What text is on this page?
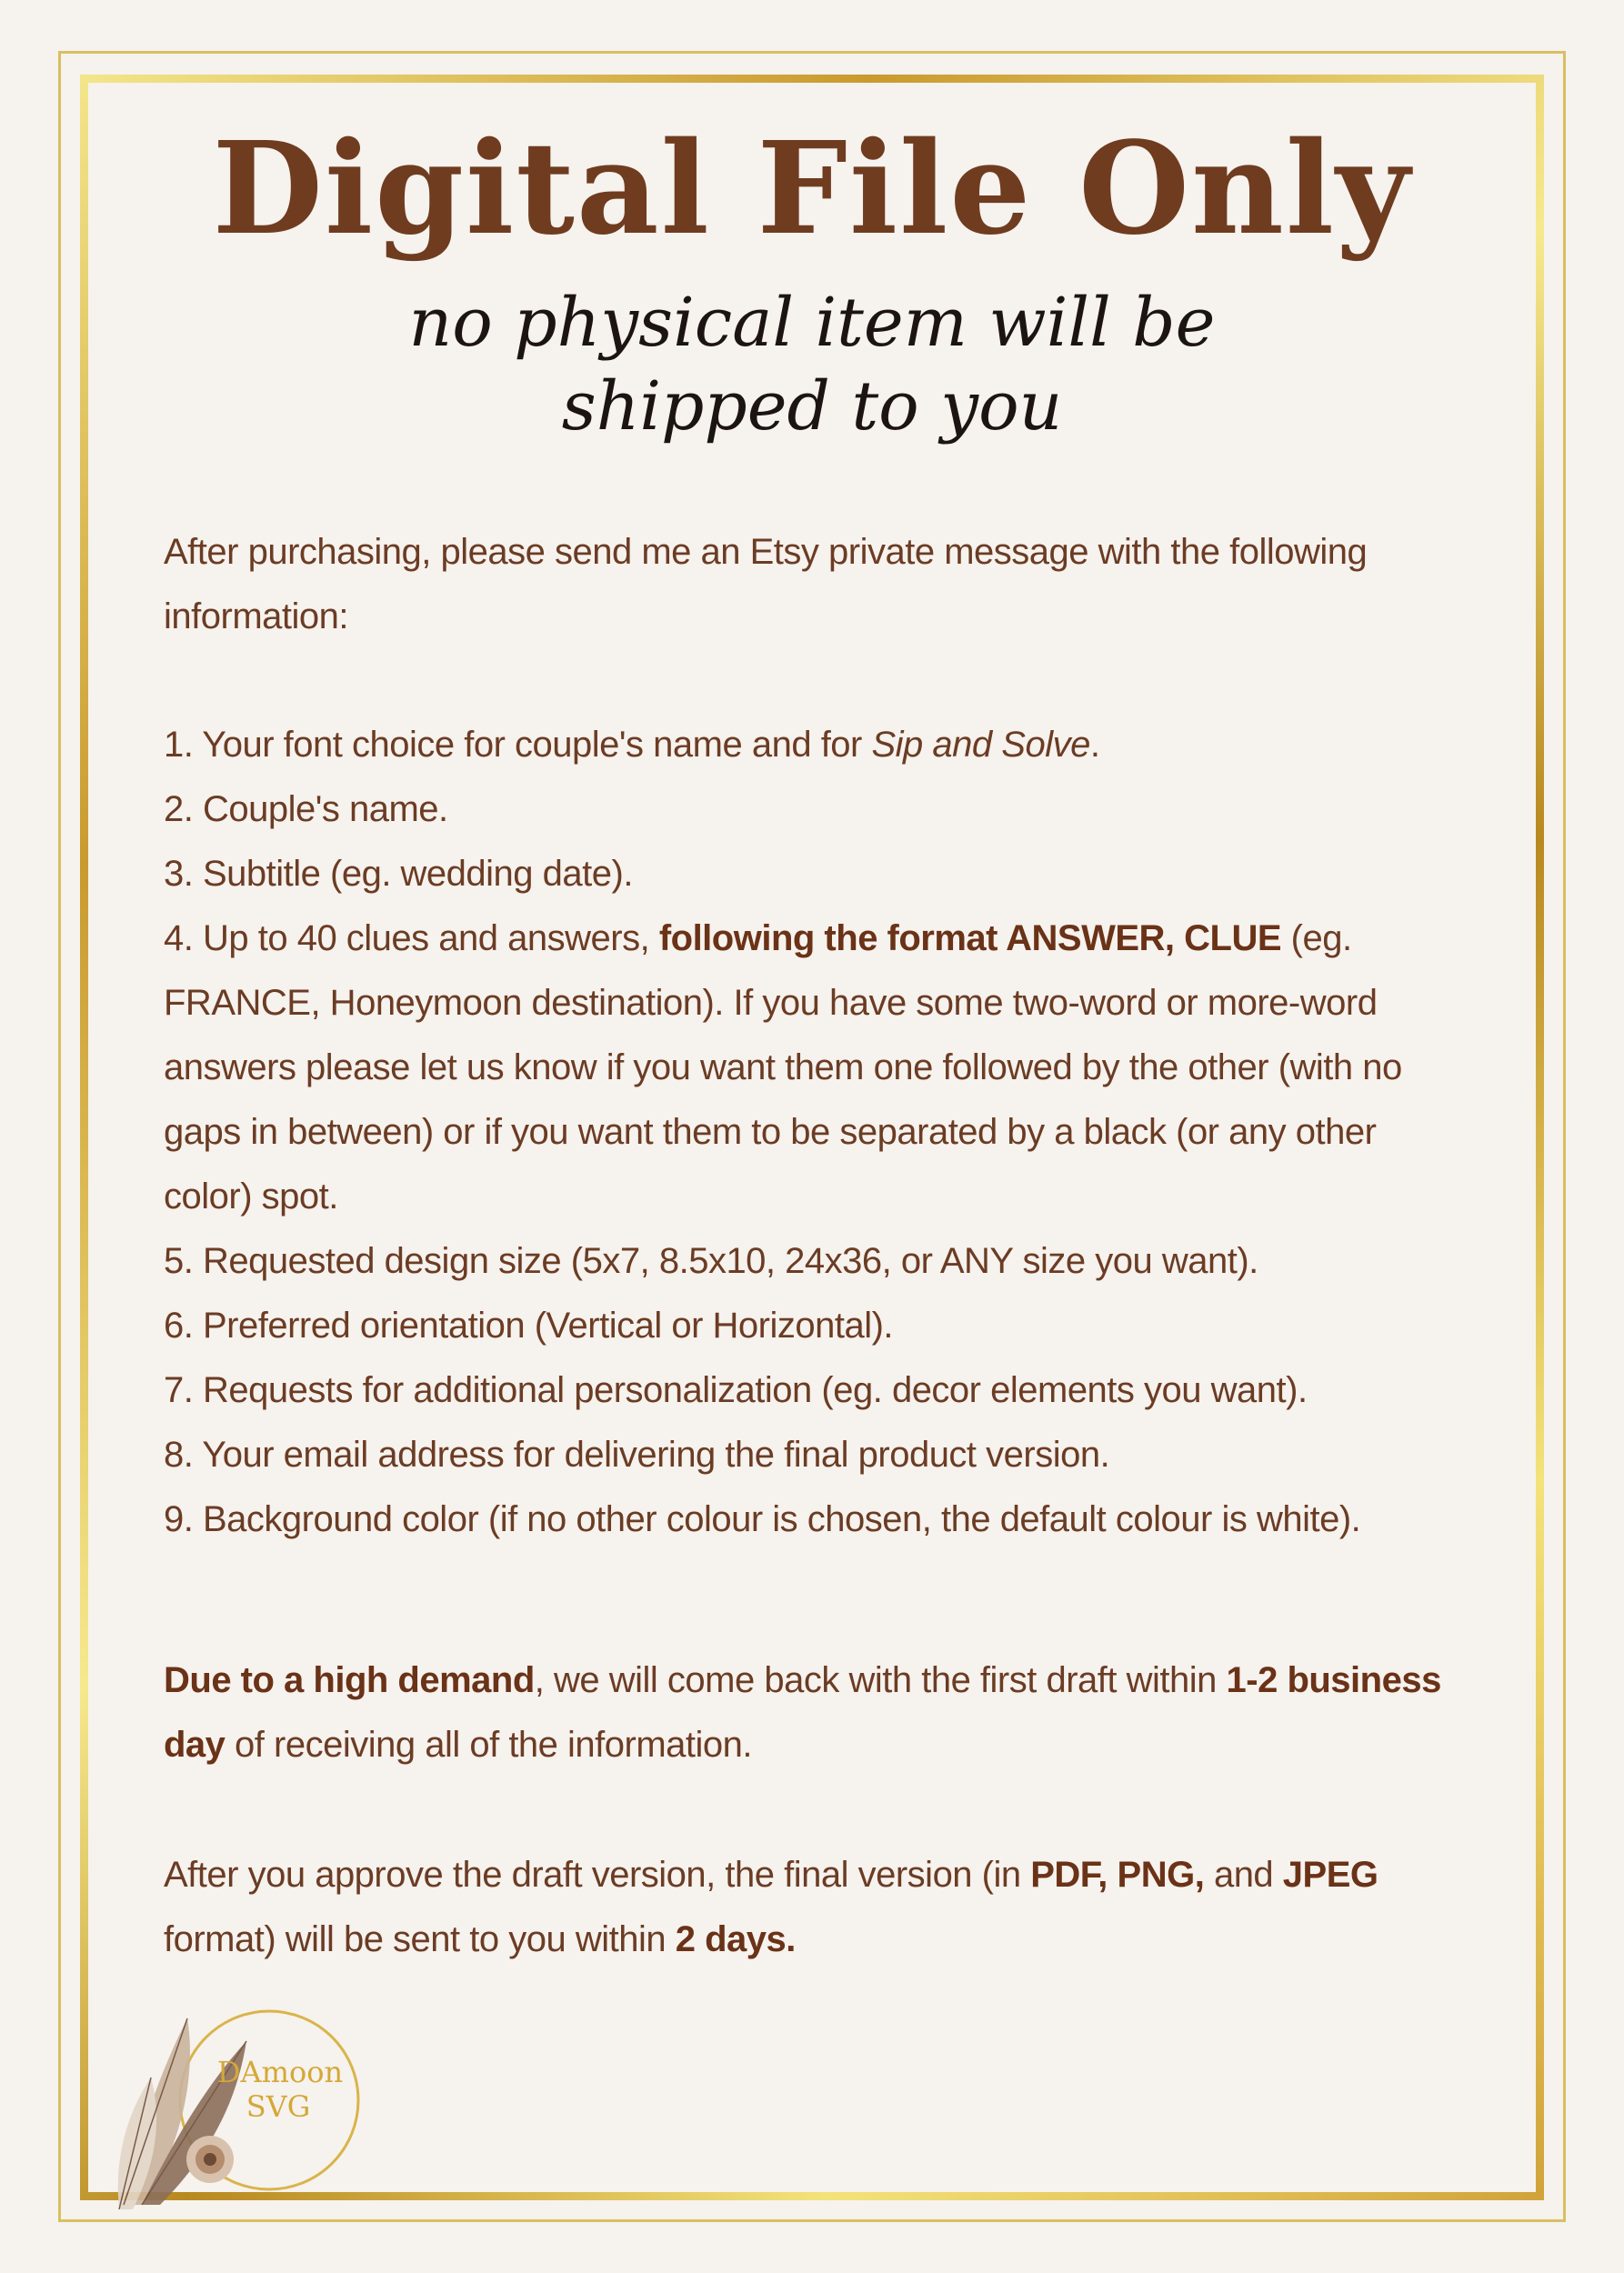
Digital File Only
no physical item will be
shipped to you

After purchasing, please send me an Etsy private message with the following information:

1. Your font choice for couple's name and for Sip and Solve.

2. Couple's name.

3. Subtitle (eg. wedding date).

4. Up to 40 clues and answers, following the format ANSWER, CLUE (eg. FRANCE, Honeymoon destination). If you have some two-word or more-word answers please let us know if you want them one followed by the other (with no gaps in between) or if you want them to be separated by a black (or any other color) spot.

5. Requested design size (5x7, 8.5x10, 24x36, or ANY size you want).

6. Preferred orientation (Vertical or Horizontal).

7. Requests for additional personalization (eg. decor elements you want).

8. Your email address for delivering the final product version.

9. Background color (if no other colour is chosen, the default colour is white).

Due to a high demand, we will come back with the first draft within 1-2 business day of receiving all of the information.

After you approve the draft version, the final version (in PDF, PNG, and JPEG format) will be sent to you within 2 days.

DAmoon
SVG
